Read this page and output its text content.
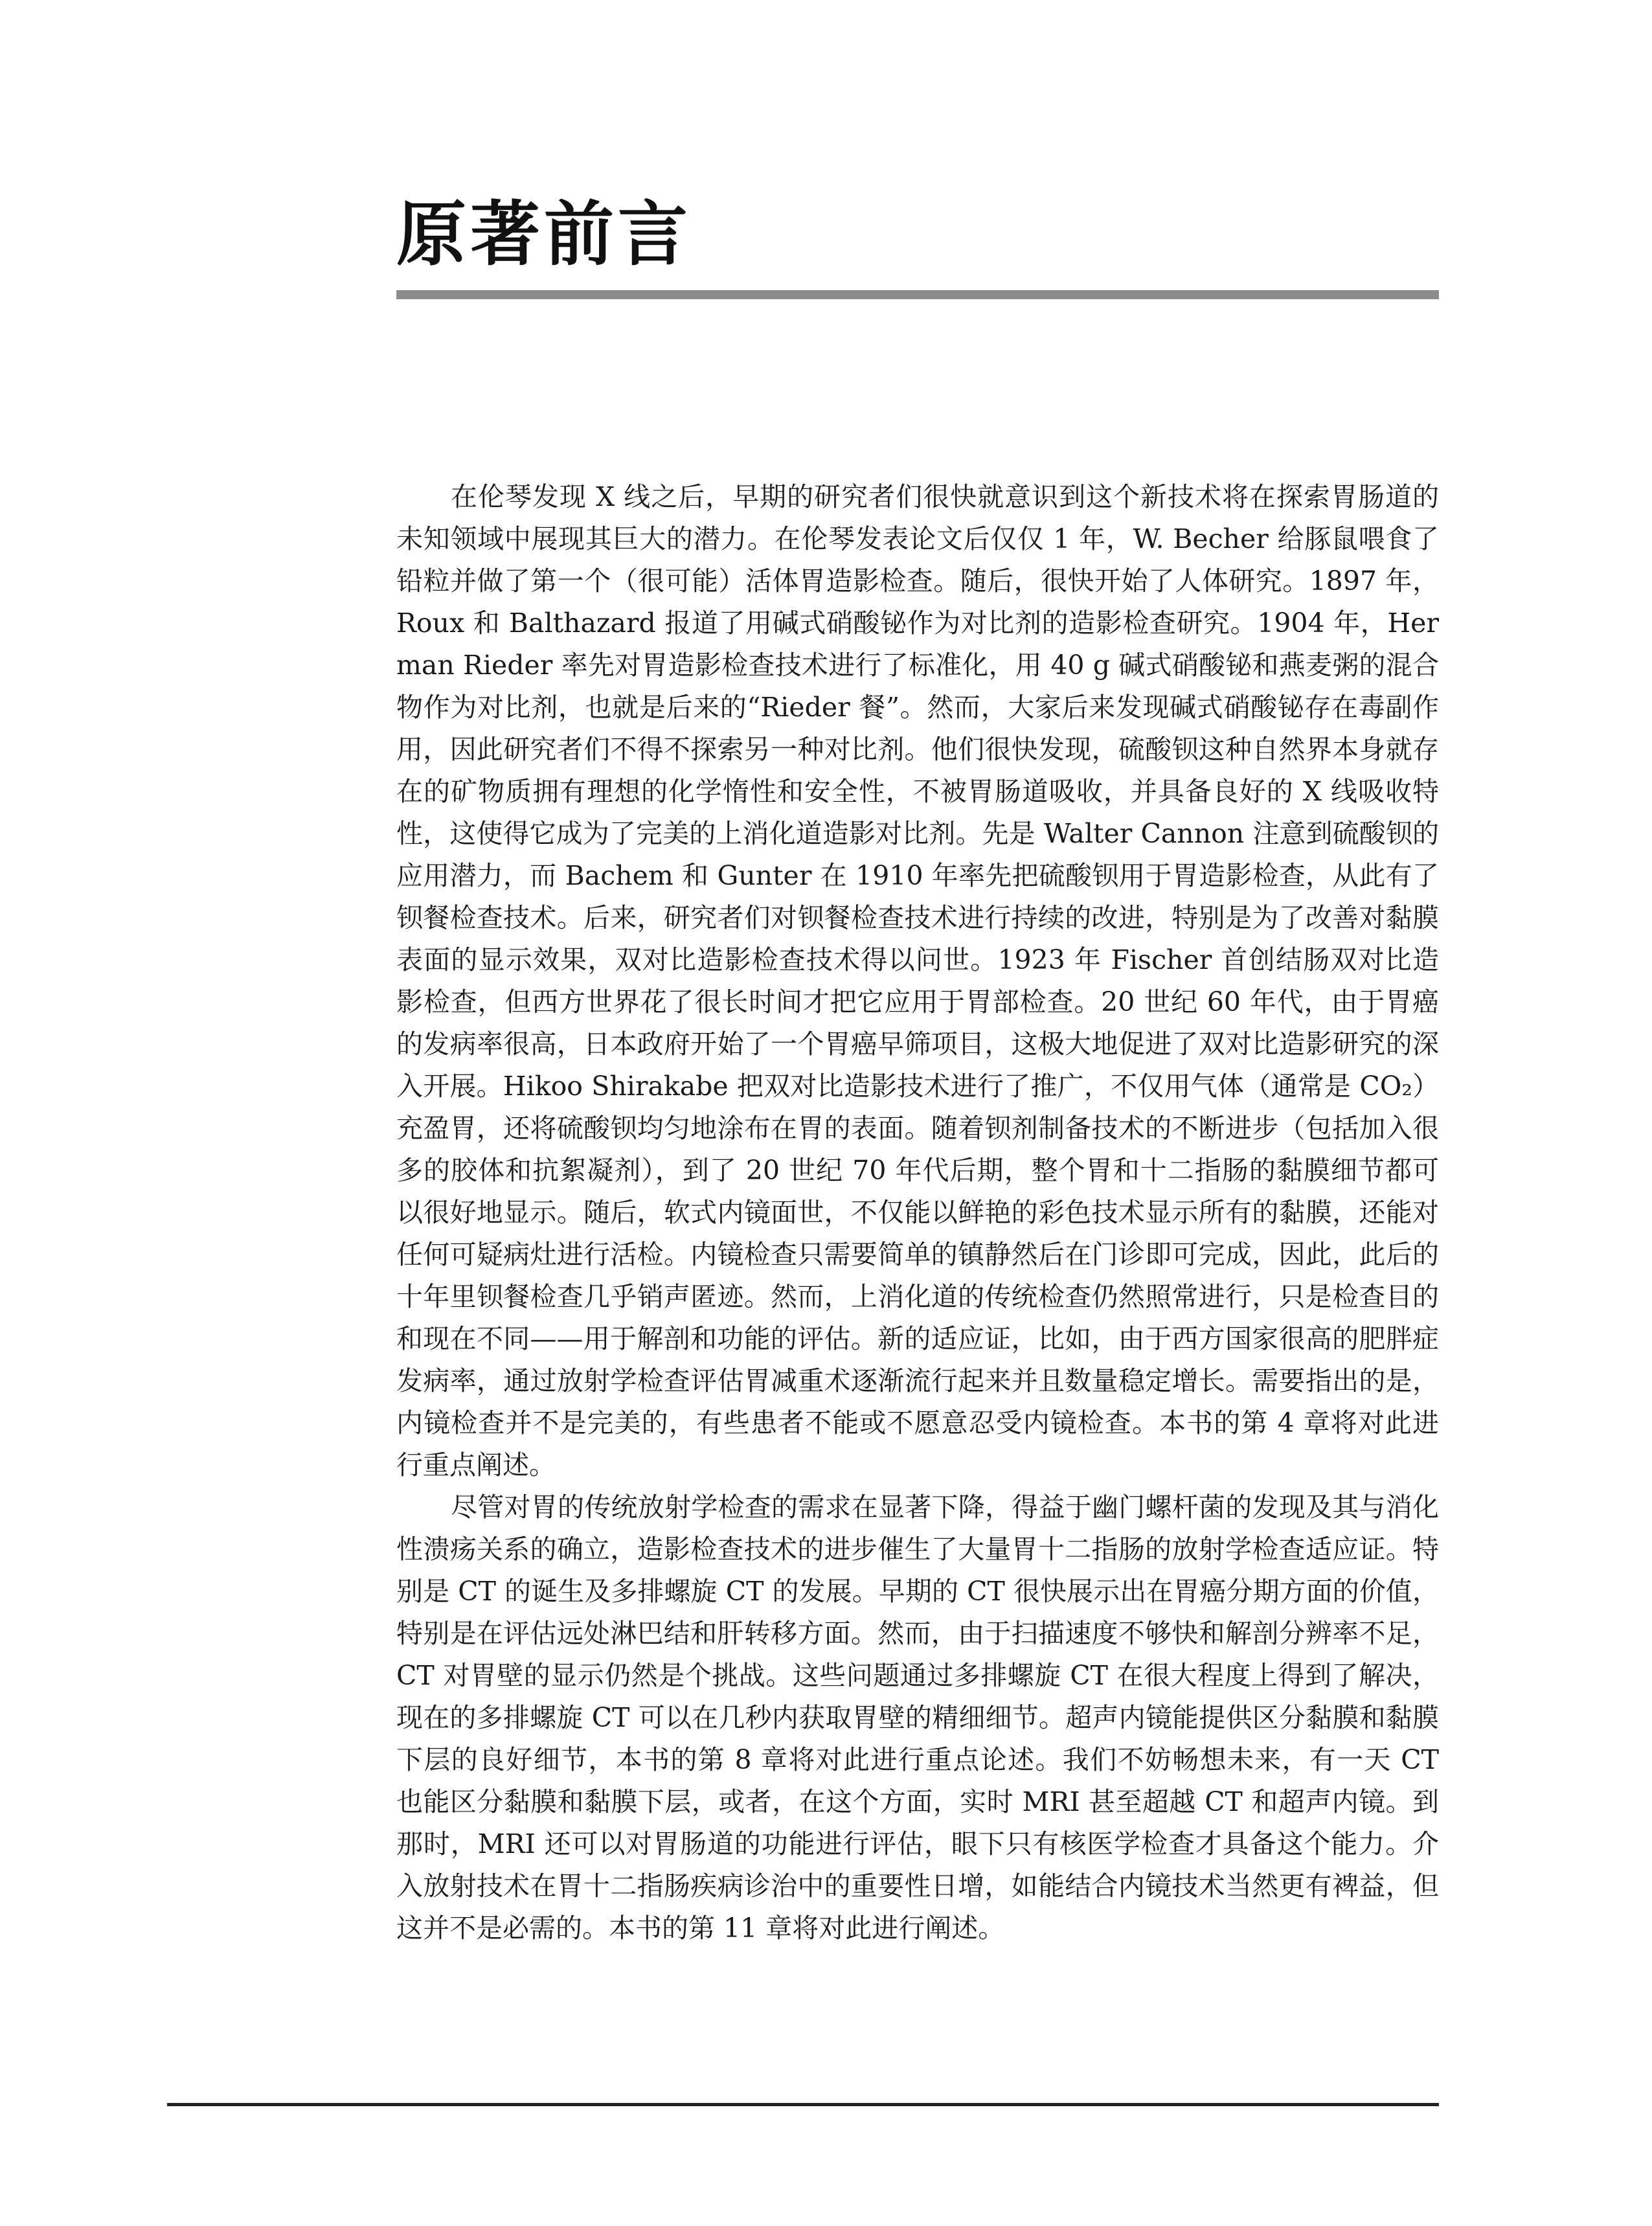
原著前言

在伦琴发现 X 线之后，早期的研究者们很快就意识到这个新技术将在探索胃肠道的未知领域中展现其巨大的潜力。在伦琴发表论文后仅仅 1 年，W. Becher 给豚鼠喂食了铅粒并做了第一个（很可能）活体胃造影检查。随后，很快开始了人体研究。1897 年，Roux 和 Balthazard 报道了用碱式硝酸铋作为对比剂的造影检查研究。1904 年，Herman Rieder 率先对胃造影检查技术进行了标准化，用 40 g 碱式硝酸铋和燕麦粥的混合物作为对比剂，也就是后来的“Rieder 餐”。然而，大家后来发现碱式硝酸铋存在毒副作用，因此研究者们不得不探索另一种对比剂。他们很快发现，硫酸钡这种自然界本身就存在的矿物质拥有理想的化学惰性和安全性，不被胃肠道吸收，并具备良好的 X 线吸收特性，这使得它成为了完美的上消化道造影对比剂。先是 Walter Cannon 注意到硫酸钡的应用潜力，而 Bachem 和 Gunter 在 1910 年率先把硫酸钡用于胃造影检查，从此有了钡餐检查技术。后来，研究者们对钡餐检查技术进行持续的改进，特别是为了改善对黏膜表面的显示效果，双对比造影检查技术得以问世。1923 年 Fischer 首创结肠双对比造影检查，但西方世界花了很长时间才把它应用于胃部检查。20 世纪 60 年代，由于胃癌的发病率很高，日本政府开始了一个胃癌早筛项目，这极大地促进了双对比造影研究的深入开展。Hikoo Shirakabe 把双对比造影技术进行了推广，不仅用气体（通常是 CO₂）充盈胃，还将硫酸钡均匀地涂布在胃的表面。随着钡剂制备技术的不断进步（包括加入很多的胶体和抗絮凝剂），到了 20 世纪 70 年代后期，整个胃和十二指肠的黏膜细节都可以很好地显示。随后，软式内镜面世，不仅能以鲜艳的彩色技术显示所有的黏膜，还能对任何可疑病灶进行活检。内镜检查只需要简单的镇静然后在门诊即可完成，因此，此后的十年里钡餐检查几乎销声匿迹。然而，上消化道的传统检查仍然照常进行，只是检查目的和现在不同——用于解剖和功能的评估。新的适应证，比如，由于西方国家很高的肥胖症发病率，通过放射学检查评估胃减重术逐渐流行起来并且数量稳定增长。需要指出的是，内镜检查并不是完美的，有些患者不能或不愿意忍受内镜检查。本书的第 4 章将对此进行重点阐述。

尽管对胃的传统放射学检查的需求在显著下降，得益于幽门螺杆菌的发现及其与消化性溃疡关系的确立，造影检查技术的进步催生了大量胃十二指肠的放射学检查适应证。特别是 CT 的诞生及多排螺旋 CT 的发展。早期的 CT 很快展示出在胃癌分期方面的价值，特别是在评估远处淋巴结和肝转移方面。然而，由于扫描速度不够快和解剖分辨率不足，CT 对胃壁的显示仍然是个挑战。这些问题通过多排螺旋 CT 在很大程度上得到了解决，现在的多排螺旋 CT 可以在几秒内获取胃壁的精细细节。超声内镜能提供区分黏膜和黏膜下层的良好细节，本书的第 8 章将对此进行重点论述。我们不妨畅想未来，有一天 CT 也能区分黏膜和黏膜下层，或者，在这个方面，实时 MRI 甚至超越 CT 和超声内镜。到那时，MRI 还可以对胃肠道的功能进行评估，眼下只有核医学检查才具备这个能力。介入放射技术在胃十二指肠疾病诊治中的重要性日增，如能结合内镜技术当然更有裨益，但这并不是必需的。本书的第 11 章将对此进行阐述。
